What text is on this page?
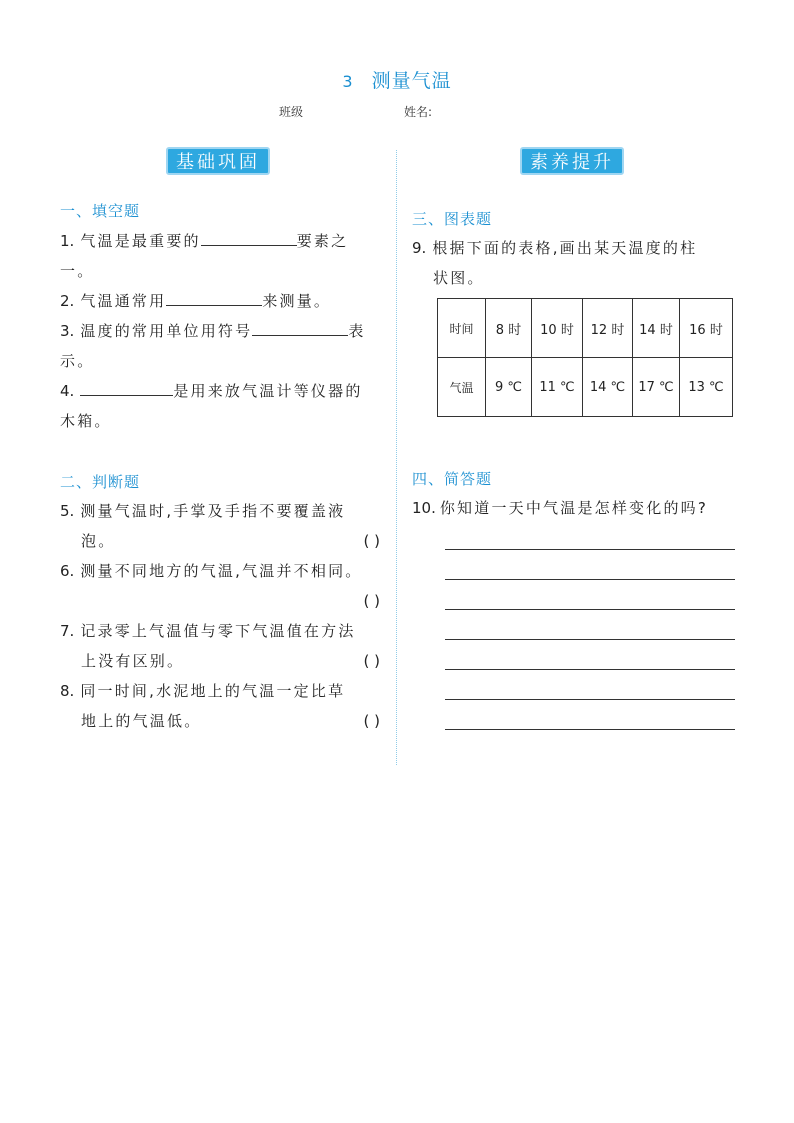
3 测量气温
班级	姓名:
基础巩固	素养提升
一、填空题
1. 气温是最重要的	要素之
一。
2. 气温通常用	来测量。
3. 温度的常用单位用符号	表
示。
4.	是用来放气温计等仪器的
木箱。
二、判断题
5. 测量气温时,手掌及手指不要覆盖液
泡。	( )
6. 测量不同地方的气温,气温并不相同。
( )
7. 记录零上气温值与零下气温值在方法
上没有区别。	( )
8. 同一时间,水泥地上的气温一定比草
地上的气温低。	( )
三、图表题
9. 根据下面的表格,画出某天温度的柱
状图。
时间	8 时	10 时	12 时	14 时	16 时
气温	9 ℃	11 ℃	14 ℃	17 ℃	13 ℃
四、简答题
10. 你知道一天中气温是怎样变化的吗?
